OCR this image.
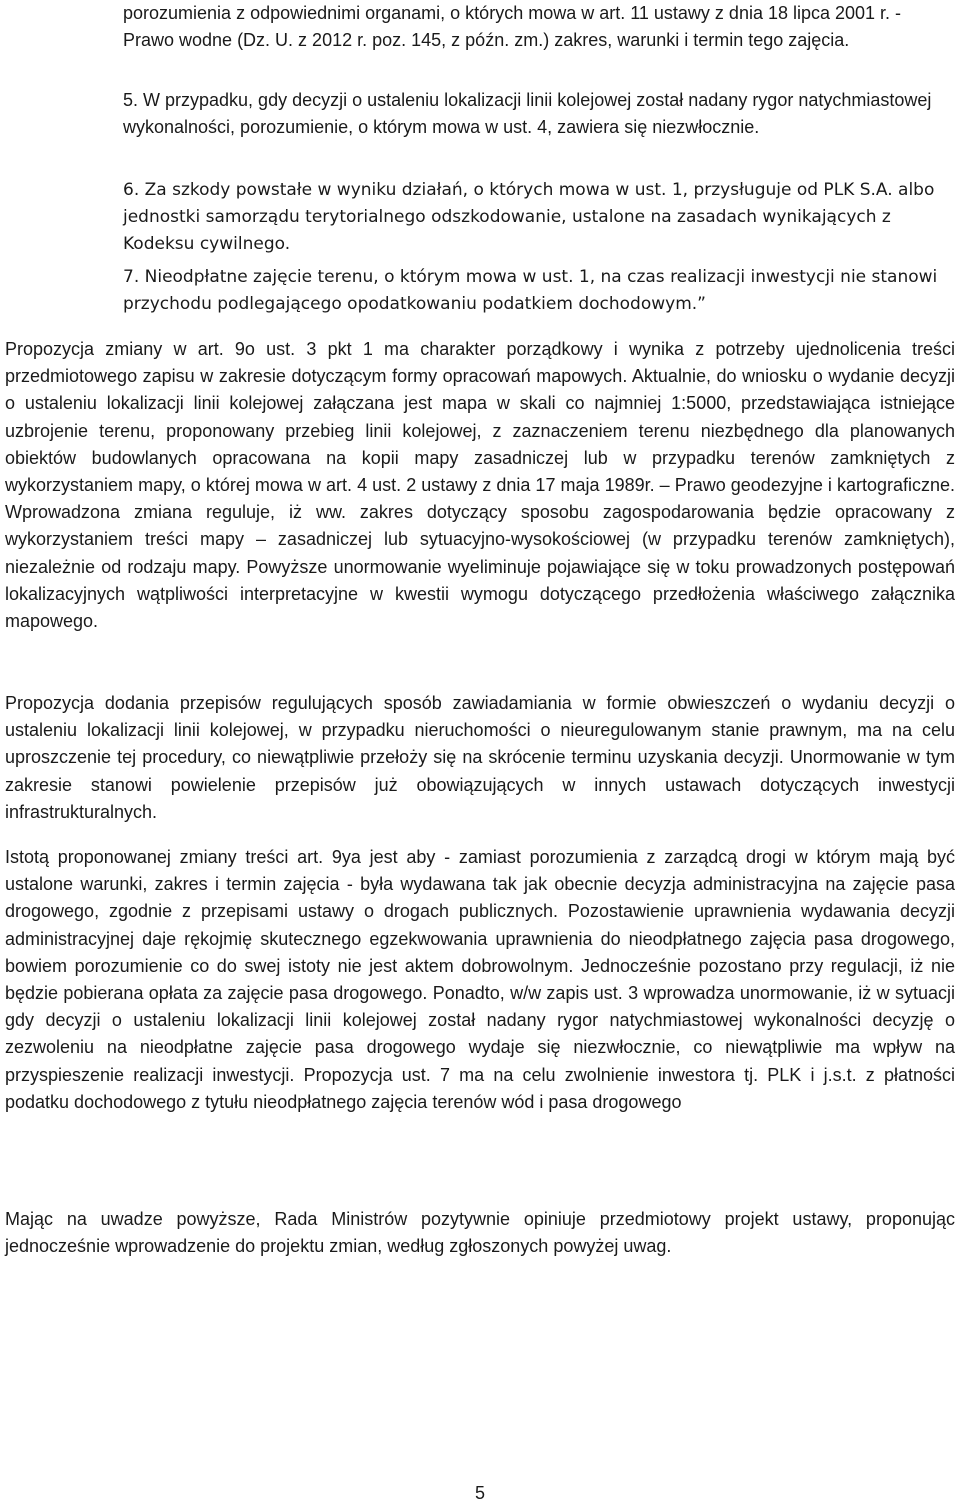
porozumienia z odpowiednimi organami, o których mowa w art. 11 ustawy z dnia 18 lipca 2001 r. - Prawo wodne (Dz. U. z 2012 r. poz. 145, z późn. zm.) zakres, warunki i termin tego zajęcia.

5. W przypadku, gdy decyzji o ustaleniu lokalizacji linii kolejowej został nadany rygor natychmiastowej wykonalności, porozumienie, o którym mowa w ust. 4, zawiera się niezwłocznie.

6. Za szkody powstałe w wyniku działań, o których mowa w ust. 1, przysługuje od PLK S.A. albo jednostki samorządu terytorialnego odszkodowanie, ustalone na zasadach wynikających z Kodeksu cywilnego.

7. Nieodpłatne zajęcie terenu, o którym mowa w ust. 1, na czas realizacji inwestycji nie stanowi przychodu podlegającego opodatkowaniu podatkiem dochodowym.”

Propozycja zmiany w art. 9o ust. 3 pkt 1 ma charakter porządkowy i wynika z potrzeby ujednolicenia treści przedmiotowego zapisu w zakresie dotyczącym formy opracowań mapowych. Aktualnie, do wniosku o wydanie decyzji o ustaleniu lokalizacji linii kolejowej załączana jest mapa w skali co najmniej 1:5000, przedstawiająca istniejące uzbrojenie terenu, proponowany przebieg linii kolejowej, z zaznaczeniem terenu niezbędnego dla planowanych obiektów budowlanych opracowana na kopii mapy zasadniczej lub w przypadku terenów zamkniętych z wykorzystaniem mapy, o której mowa w art. 4 ust. 2 ustawy z dnia 17 maja 1989r. – Prawo geodezyjne i kartograficzne. Wprowadzona zmiana reguluje, iż ww. zakres dotyczący sposobu zagospodarowania będzie opracowany z wykorzystaniem treści mapy – zasadniczej lub sytuacyjno-wysokościowej (w przypadku terenów zamkniętych), niezależnie od rodzaju mapy. Powyższe unormowanie wyeliminuje pojawiające się w toku prowadzonych postępowań lokalizacyjnych wątpliwości interpretacyjne w kwestii wymogu dotyczącego przedłożenia właściwego załącznika mapowego.

Propozycja dodania przepisów regulujących sposób zawiadamiania w formie obwieszczeń o wydaniu decyzji o ustaleniu lokalizacji linii kolejowej, w przypadku nieruchomości o nieuregulowanym stanie prawnym, ma na celu uproszczenie tej procedury, co niewątpliwie przełoży się na skrócenie terminu uzyskania decyzji. Unormowanie w tym zakresie stanowi powielenie przepisów już obowiązujących w innych ustawach dotyczących inwestycji infrastrukturalnych.

Istotą proponowanej zmiany treści art. 9ya jest aby - zamiast porozumienia z zarządcą drogi w którym mają być ustalone warunki, zakres i termin zajęcia - była wydawana tak jak obecnie decyzja administracyjna na zajęcie pasa drogowego, zgodnie z przepisami ustawy o drogach publicznych. Pozostawienie uprawnienia wydawania decyzji administracyjnej daje rękojmię skutecznego egzekwowania uprawnienia do nieodpłatnego zajęcia pasa drogowego, bowiem porozumienie co do swej istoty nie jest aktem dobrowolnym. Jednocześnie pozostano przy regulacji, iż nie będzie pobierana opłata za zajęcie pasa drogowego. Ponadto, w/w zapis ust. 3 wprowadza unormowanie, iż w sytuacji gdy decyzji o ustaleniu lokalizacji linii kolejowej został nadany rygor natychmiastowej wykonalności decyzję o zezwoleniu na nieodpłatne zajęcie pasa drogowego wydaje się niezwłocznie, co niewątpliwie ma wpływ na przyspieszenie realizacji inwestycji. Propozycja ust. 7 ma na celu zwolnienie inwestora tj. PLK i j.s.t. z płatności podatku dochodowego z tytułu nieodpłatnego zajęcia terenów wód i pasa drogowego

Mając na uwadze powyższe, Rada Ministrów pozytywnie opiniuje przedmiotowy projekt ustawy, proponując jednocześnie wprowadzenie do projektu zmian, według zgłoszonych powyżej uwag.

5
